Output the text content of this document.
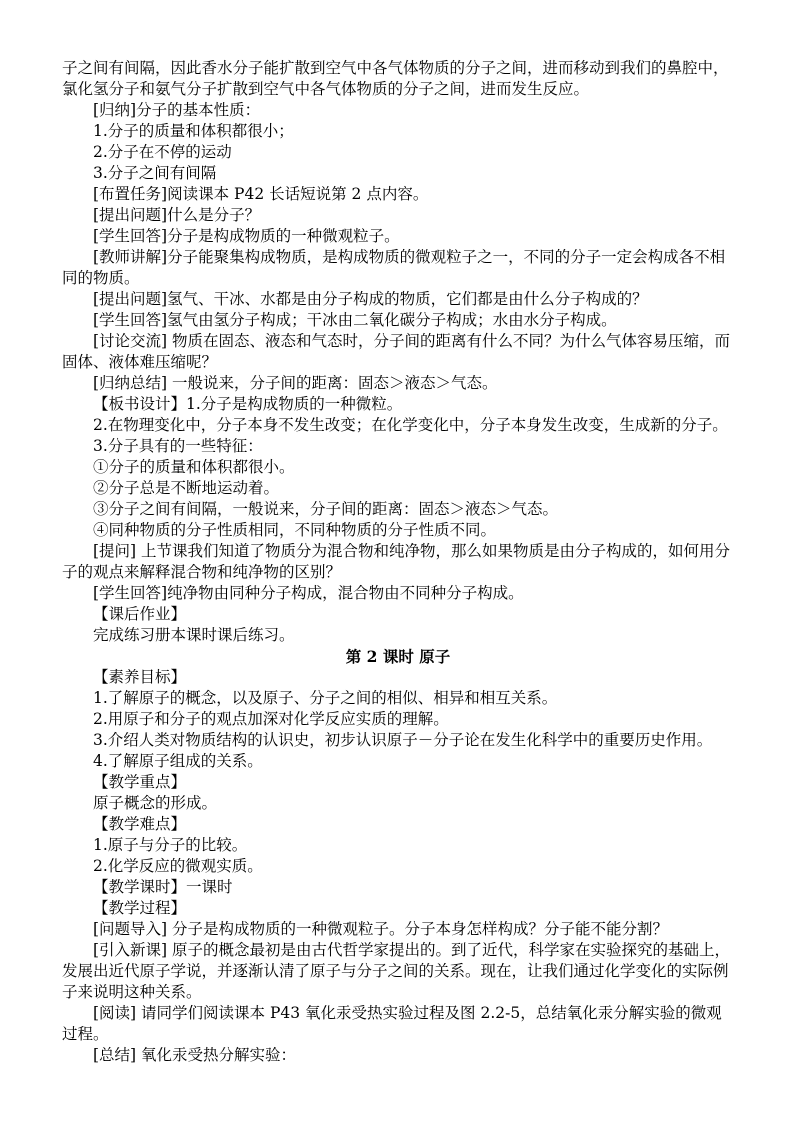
子之间有间隔，因此香水分子能扩散到空气中各气体物质的分子之间，进而移动到我们的鼻腔中，氯化氢分子和氨气分子扩散到空气中各气体物质的分子之间，进而发生反应。

[归纳]分子的基本性质：

1.分子的质量和体积都很小；

2.分子在不停的运动

3.分子之间有间隔

[布置任务]阅读课本 P42 长话短说第 2 点内容。

[提出问题]什么是分子？

[学生回答]分子是构成物质的一种微观粒子。

[教师讲解]分子能聚集构成物质，是构成物质的微观粒子之一，不同的分子一定会构成各不相同的物质。

[提出问题]氢气、干冰、水都是由分子构成的物质，它们都是由什么分子构成的？

[学生回答]氢气由氢分子构成；干冰由二氧化碳分子构成；水由水分子构成。

[讨论交流] 物质在固态、液态和气态时，分子间的距离有什么不同？为什么气体容易压缩，而固体、液体难压缩呢？

[归纳总结] 一般说来，分子间的距离：固态＞液态＞气态。

【板书设计】1.分子是构成物质的一种微粒。

2.在物理变化中，分子本身不发生改变；在化学变化中，分子本身发生改变，生成新的分子。

3.分子具有的一些特征：

①分子的质量和体积都很小。

②分子总是不断地运动着。

③分子之间有间隔，一般说来，分子间的距离：固态＞液态＞气态。

④同种物质的分子性质相同，不同种物质的分子性质不同。

[提问] 上节课我们知道了物质分为混合物和纯净物，那么如果物质是由分子构成的，如何用分子的观点来解释混合物和纯净物的区别？

[学生回答]纯净物由同种分子构成，混合物由不同种分子构成。

【课后作业】

完成练习册本课时课后练习。

第 2 课时 原子

【素养目标】

1.了解原子的概念，以及原子、分子之间的相似、相异和相互关系。

2.用原子和分子的观点加深对化学反应实质的理解。

3.介绍人类对物质结构的认识史，初步认识原子－分子论在发生化科学中的重要历史作用。

4.了解原子组成的关系。

【教学重点】

原子概念的形成。

【教学难点】

1.原子与分子的比较。

2.化学反应的微观实质。

【教学课时】一课时

【教学过程】

[问题导入] 分子是构成物质的一种微观粒子。分子本身怎样构成？分子能不能分割？

[引入新课] 原子的概念最初是由古代哲学家提出的。到了近代，科学家在实验探究的基础上，发展出近代原子学说，并逐渐认清了原子与分子之间的关系。现在，让我们通过化学变化的实际例子来说明这种关系。

[阅读] 请同学们阅读课本 P43 氧化汞受热实验过程及图 2.2-5，总结氧化汞分解实验的微观过程。

[总结] 氧化汞受热分解实验：
